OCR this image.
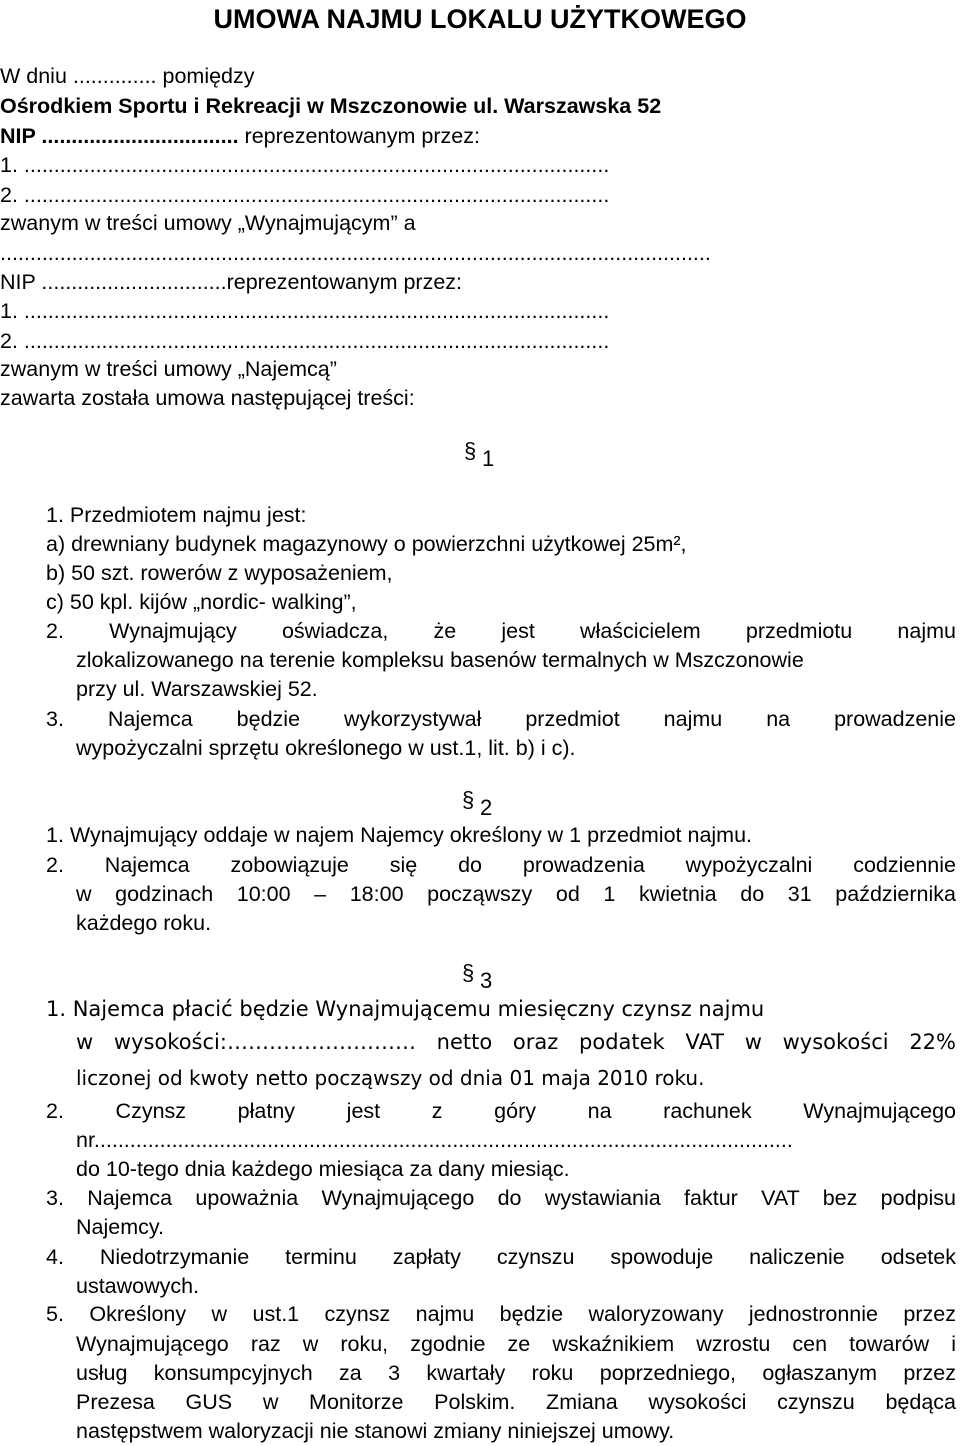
UMOWA NAJMU LOKALU UŻYTKOWEGO
W dniu .............. pomiędzy
Ośrodkiem Sportu i Rekreacji w Mszczonowie ul. Warszawska 52
NIP ................................. reprezentowanym przez:
1. ..................................................................................................
2. ..................................................................................................
zwanym w treści umowy „Wynajmującym” a
.......................................................................................................................
NIP ...............................reprezentowanym przez:
1. ..................................................................................................
2. ..................................................................................................
zwanym w treści umowy „Najemcą”
zawarta została umowa następującej treści:
§ 1
1. Przedmiotem najmu jest:
a) drewniany budynek magazynowy o powierzchni użytkowej 25m²,
b) 50 szt. rowerów z wyposażeniem,
c) 50 kpl. kijów „nordic- walking”,
2. Wynajmujący oświadcza, że jest właścicielem przedmiotu najmu
zlokalizowanego na terenie kompleksu basenów termalnych w Mszczonowie
przy ul. Warszawskiej 52.
3. Najemca będzie wykorzystywał przedmiot najmu na prowadzenie
wypożyczalni sprzętu określonego w ust.1, lit. b) i c).
§ 2
1. Wynajmujący oddaje w najem Najemcy określony w 1 przedmiot najmu.
2. Najemca zobowiązuje się do prowadzenia wypożyczalni codziennie
w godzinach 10:00 – 18:00 począwszy od 1 kwietnia do 31 października
każdego roku.
§ 3
1. Najemca płacić będzie Wynajmującemu miesięczny czynsz najmu
w wysokości:……………………… netto oraz podatek VAT w wysokości 22%
liczonej od kwoty netto począwszy od dnia 01 maja 2010 roku.
2. Czynsz płatny jest z góry na rachunek Wynajmującego
nr.....................................................................................................................
do 10-tego dnia każdego miesiąca za dany miesiąc.
3. Najemca upoważnia Wynajmującego do wystawiania faktur VAT bez podpisu
Najemcy.
4. Niedotrzymanie terminu zapłaty czynszu spowoduje naliczenie odsetek
ustawowych.
5. Określony w ust.1 czynsz najmu będzie waloryzowany jednostronnie przez
Wynajmującego raz w roku, zgodnie ze wskaźnikiem wzrostu cen towarów i
usług konsumpcyjnych za 3 kwartały roku poprzedniego, ogłaszanym przez
Prezesa GUS w Monitorze Polskim. Zmiana wysokości czynszu będąca
następstwem waloryzacji nie stanowi zmiany niniejszej umowy.
